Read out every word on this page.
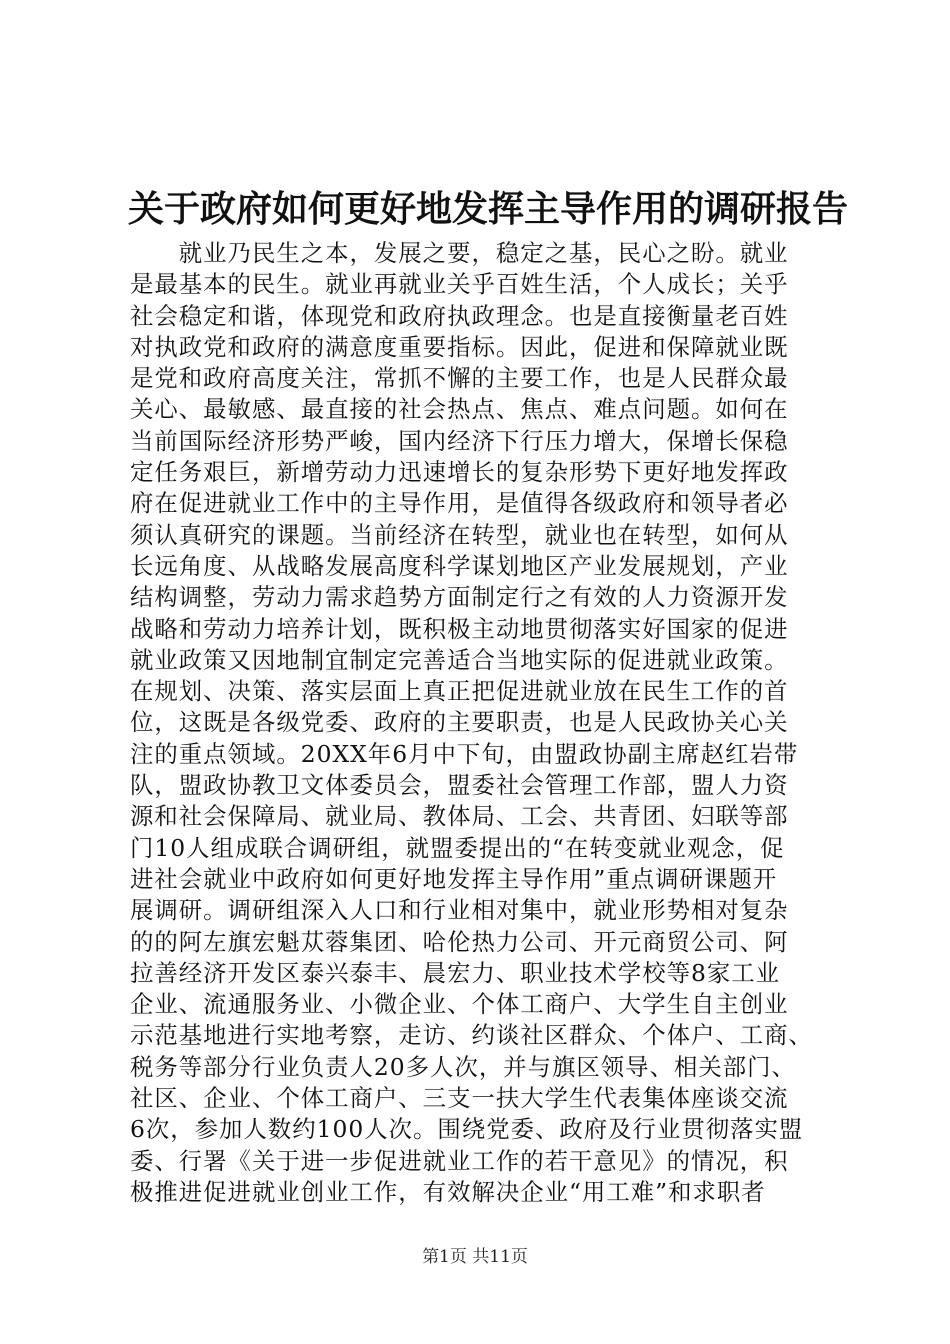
关于政府如何更好地发挥主导作用的调研报告
　　就业乃民生之本，发展之要，稳定之基，民心之盼。就业
是最基本的民生。就业再就业关乎百姓生活，个人成长；关乎
社会稳定和谐，体现党和政府执政理念。也是直接衡量老百姓
对执政党和政府的满意度重要指标。因此，促进和保障就业既
是党和政府高度关注，常抓不懈的主要工作，也是人民群众最
关心、最敏感、最直接的社会热点、焦点、难点问题。如何在
当前国际经济形势严峻，国内经济下行压力增大，保增长保稳
定任务艰巨，新增劳动力迅速增长的复杂形势下更好地发挥政
府在促进就业工作中的主导作用，是值得各级政府和领导者必
须认真研究的课题。当前经济在转型，就业也在转型，如何从
长远角度、从战略发展高度科学谋划地区产业发展规划，产业
结构调整，劳动力需求趋势方面制定行之有效的人力资源开发
战略和劳动力培养计划，既积极主动地贯彻落实好国家的促进
就业政策又因地制宜制定完善适合当地实际的促进就业政策。
在规划、决策、落实层面上真正把促进就业放在民生工作的首
位，这既是各级党委、政府的主要职责，也是人民政协关心关
注的重点领域。20XX年6月中下旬，由盟政协副主席赵红岩带
队，盟政协教卫文体委员会，盟委社会管理工作部，盟人力资
源和社会保障局、就业局、教体局、工会、共青团、妇联等部
门10人组成联合调研组，就盟委提出的“在转变就业观念，促
进社会就业中政府如何更好地发挥主导作用”重点调研课题开
展调研。调研组深入人口和行业相对集中，就业形势相对复杂
的的阿左旗宏魁苁蓉集团、哈伦热力公司、开元商贸公司、阿
拉善经济开发区泰兴泰丰、晨宏力、职业技术学校等8家工业
企业、流通服务业、小微企业、个体工商户、大学生自主创业
示范基地进行实地考察，走访、约谈社区群众、个体户、工商、
税务等部分行业负责人20多人次，并与旗区领导、相关部门、
社区、企业、个体工商户、三支一扶大学生代表集体座谈交流
6次，参加人数约100人次。围绕党委、政府及行业贯彻落实盟
委、行署《关于进一步促进就业工作的若干意见》的情况，积
极推进促进就业创业工作，有效解决企业“用工难”和求职者
第1页 共11页
